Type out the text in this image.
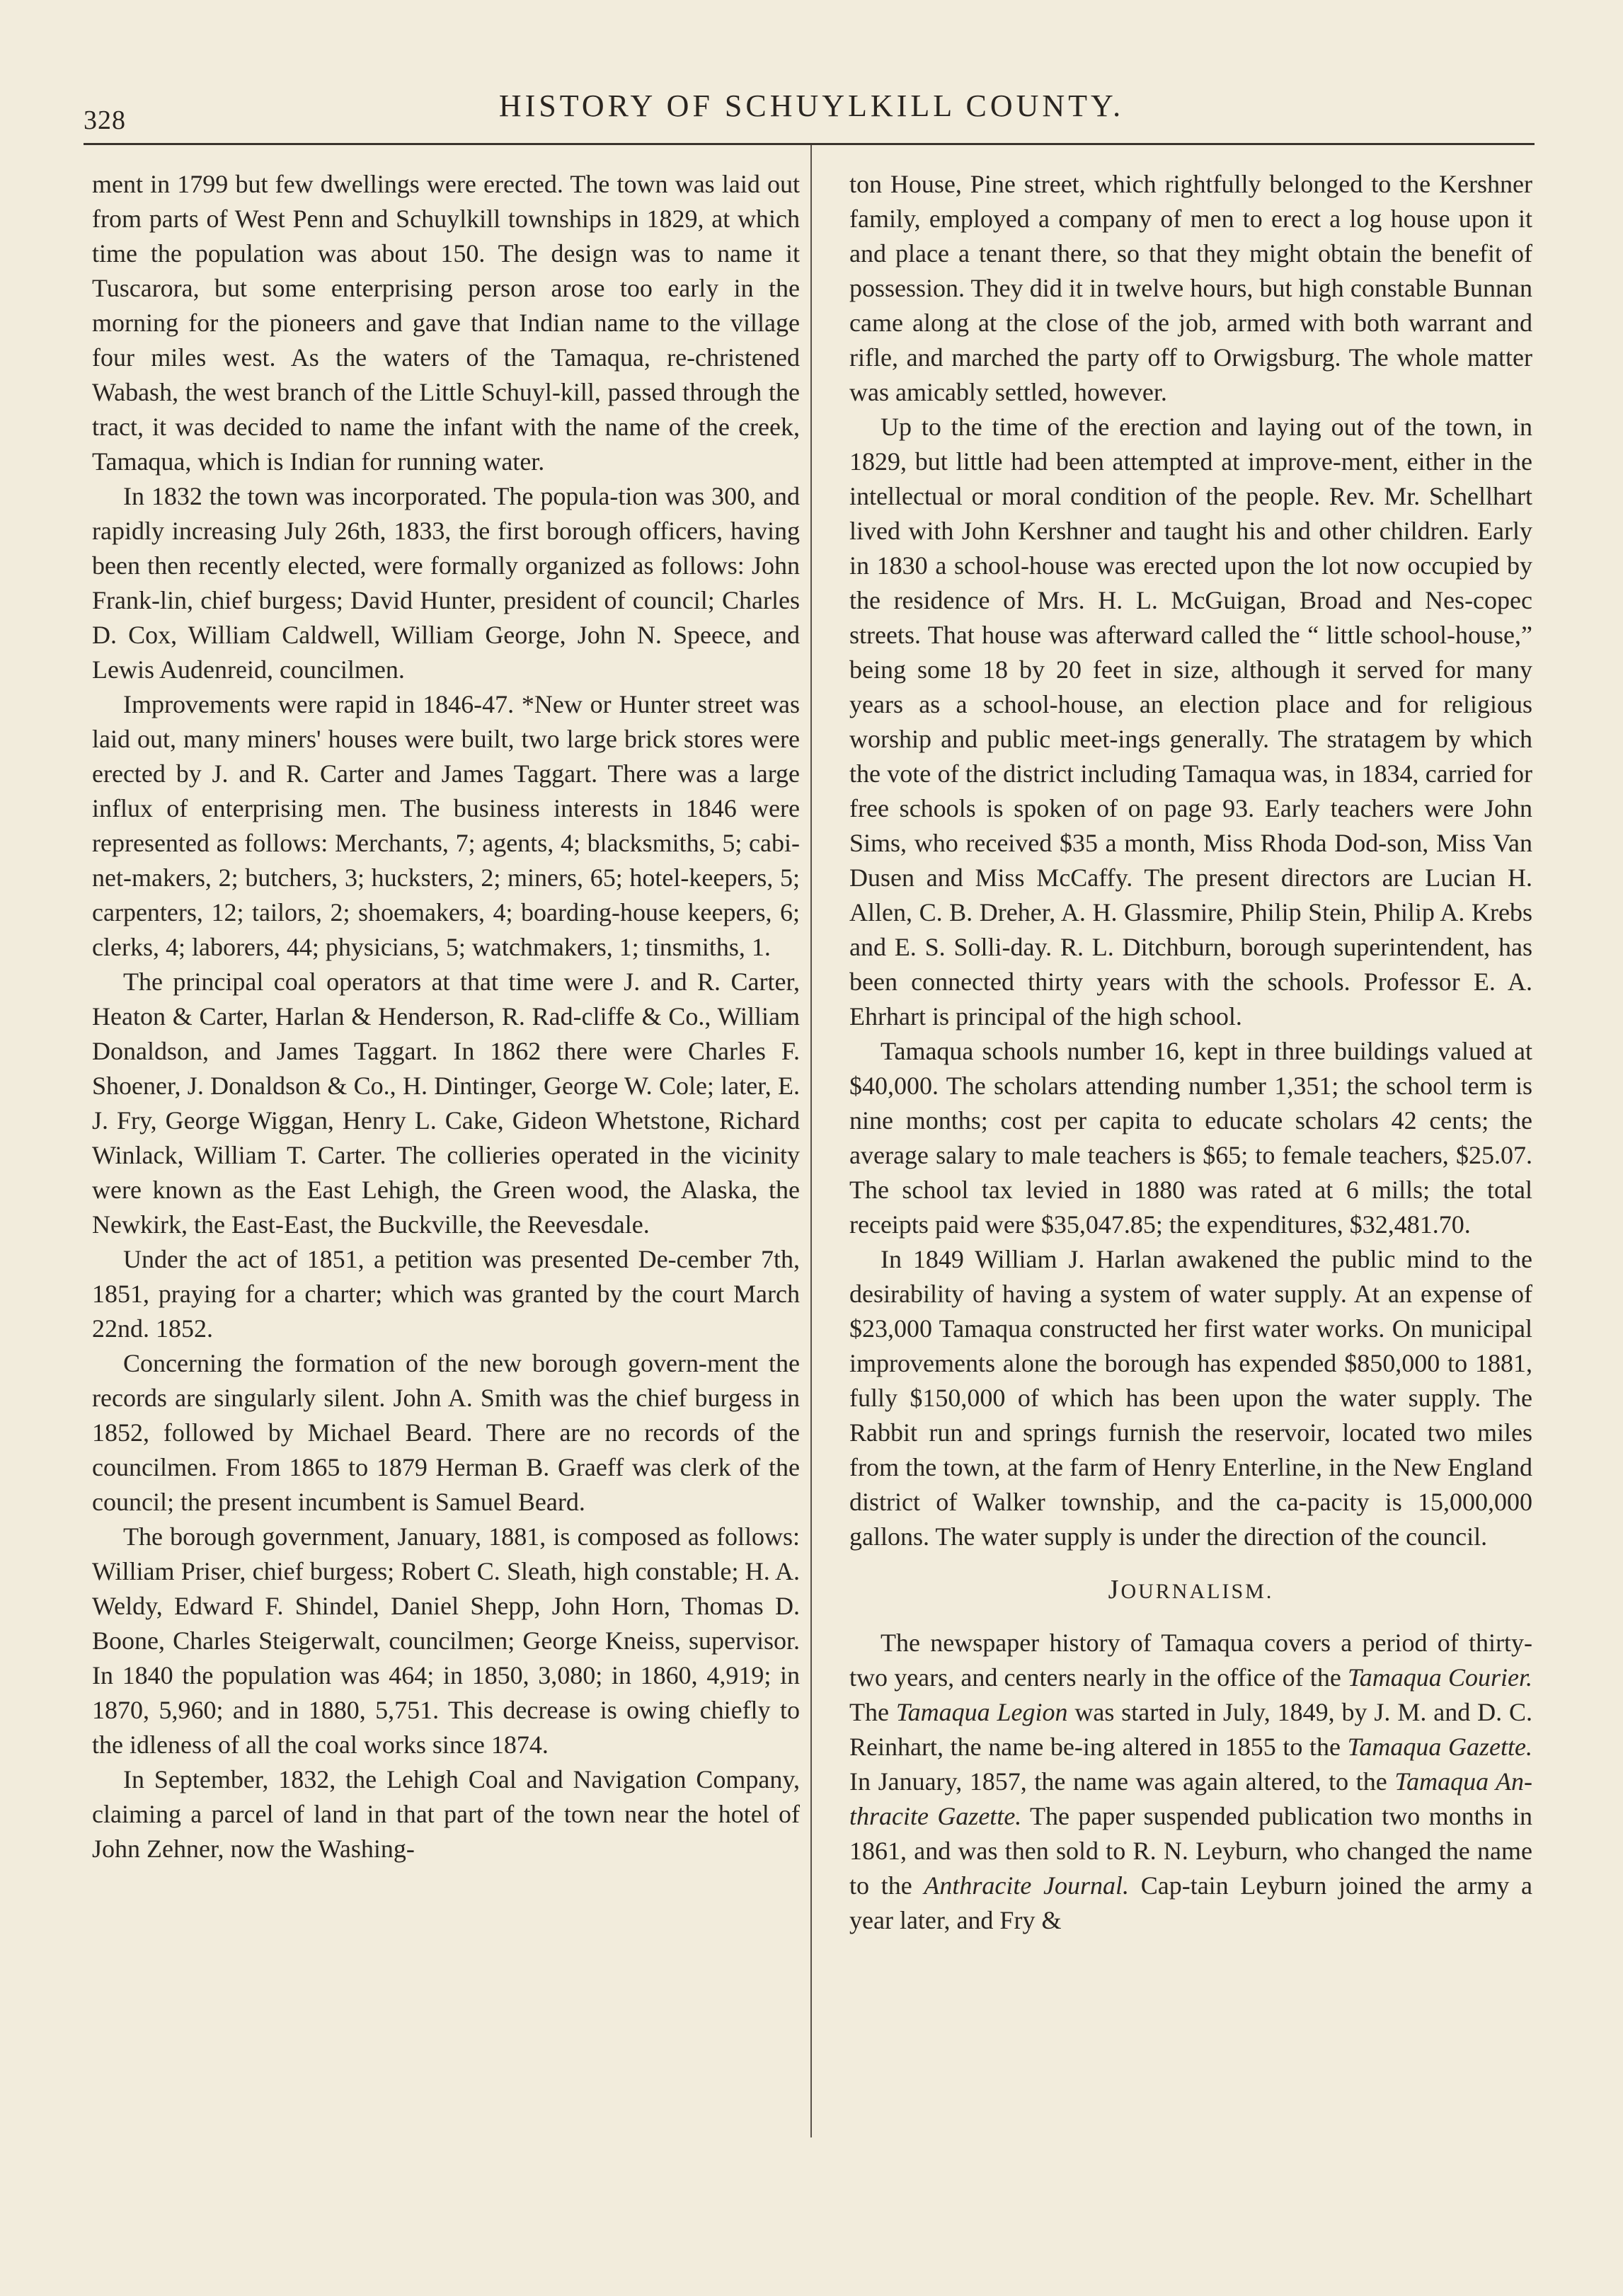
328	HISTORY OF SCHUYLKILL COUNTY.

ment in 1799 but few dwellings were erected. The town was laid out from parts of West Penn and Schuylkill townships in 1829, at which time the population was about 150. The design was to name it Tuscarora, but some enterprising person arose too early in the morning for the pioneers and gave that Indian name to the village four miles west. As the waters of the Tamaqua, re-christened Wabash, the west branch of the Little Schuyl-kill, passed through the tract, it was decided to name the infant with the name of the creek, Tamaqua, which is Indian for running water.

In 1832 the town was incorporated. The popula-tion was 300, and rapidly increasing July 26th, 1833, the first borough officers, having been then recently elected, were formally organized as follows: John Frank-lin, chief burgess; David Hunter, president of council; Charles D. Cox, William Caldwell, William George, John N. Speece, and Lewis Audenreid, councilmen.

Improvements were rapid in 1846-47. *New or Hunter street was laid out, many miners' houses were built, two large brick stores were erected by J. and R. Carter and James Taggart. There was a large influx of enterprising men. The business interests in 1846 were represented as follows: Merchants, 7; agents, 4; blacksmiths, 5; cabi-net-makers, 2; butchers, 3; hucksters, 2; miners, 65; hotel-keepers, 5; carpenters, 12; tailors, 2; shoemakers, 4; boarding-house keepers, 6; clerks, 4; laborers, 44; physicians, 5; watchmakers, 1; tinsmiths, 1.

The principal coal operators at that time were J. and R. Carter, Heaton & Carter, Harlan & Henderson, R. Rad-cliffe & Co., William Donaldson, and James Taggart. In 1862 there were Charles F. Shoener, J. Donaldson & Co., H. Dintinger, George W. Cole; later, E. J. Fry, George Wiggan, Henry L. Cake, Gideon Whetstone, Richard Winlack, William T. Carter. The collieries operated in the vicinity were known as the East Lehigh, the Green wood, the Alaska, the Newkirk, the East-East, the Buckville, the Reevesdale.

Under the act of 1851, a petition was presented De-cember 7th, 1851, praying for a charter; which was granted by the court March 22nd. 1852.

Concerning the formation of the new borough govern-ment the records are singularly silent. John A. Smith was the chief burgess in 1852, followed by Michael Beard. There are no records of the councilmen. From 1865 to 1879 Herman B. Graeff was clerk of the council; the present incumbent is Samuel Beard.

The borough government, January, 1881, is composed as follows: William Priser, chief burgess; Robert C. Sleath, high constable; H. A. Weldy, Edward F. Shindel, Daniel Shepp, John Horn, Thomas D. Boone, Charles Steigerwalt, councilmen; George Kneiss, supervisor. In 1840 the population was 464; in 1850, 3,080; in 1860, 4,919; in 1870, 5,960; and in 1880, 5,751. This decrease is owing chiefly to the idleness of all the coal works since 1874.

In September, 1832, the Lehigh Coal and Navigation Company, claiming a parcel of land in that part of the town near the hotel of John Zehner, now the Washing-

ton House, Pine street, which rightfully belonged to the Kershner family, employed a company of men to erect a log house upon it and place a tenant there, so that they might obtain the benefit of possession. They did it in twelve hours, but high constable Bunnan came along at the close of the job, armed with both warrant and rifle, and marched the party off to Orwigsburg. The whole matter was amicably settled, however.

Up to the time of the erection and laying out of the town, in 1829, but little had been attempted at improve-ment, either in the intellectual or moral condition of the people. Rev. Mr. Schellhart lived with John Kershner and taught his and other children. Early in 1830 a school-house was erected upon the lot now occupied by the residence of Mrs. H. L. McGuigan, Broad and Nes-copec streets. That house was afterward called the “ little school-house,” being some 18 by 20 feet in size, although it served for many years as a school-house, an election place and for religious worship and public meet-ings generally. The stratagem by which the vote of the district including Tamaqua was, in 1834, carried for free schools is spoken of on page 93. Early teachers were John Sims, who received $35 a month, Miss Rhoda Dod-son, Miss Van Dusen and Miss McCaffy. The present directors are Lucian H. Allen, C. B. Dreher, A. H. Glassmire, Philip Stein, Philip A. Krebs and E. S. Solli-day. R. L. Ditchburn, borough superintendent, has been connected thirty years with the schools. Professor E. A. Ehrhart is principal of the high school.

Tamaqua schools number 16, kept in three buildings valued at $40,000. The scholars attending number 1,351; the school term is nine months; cost per capita to educate scholars 42 cents; the average salary to male teachers is $65; to female teachers, $25.07. The school tax levied in 1880 was rated at 6 mills; the total receipts paid were $35,047.85; the expenditures, $32,481.70.

In 1849 William J. Harlan awakened the public mind to the desirability of having a system of water supply. At an expense of $23,000 Tamaqua constructed her first water works. On municipal improvements alone the borough has expended $850,000 to 1881, fully $150,000 of which has been upon the water supply. The Rabbit run and springs furnish the reservoir, located two miles from the town, at the farm of Henry Enterline, in the New England district of Walker township, and the ca-pacity is 15,000,000 gallons. The water supply is under the direction of the council.

JOURNALISM.

The newspaper history of Tamaqua covers a period of thirty-two years, and centers nearly in the office of the Tamaqua Courier. The Tamaqua Legion was started in July, 1849, by J. M. and D. C. Reinhart, the name be-ing altered in 1855 to the Tamaqua Gazette. In January, 1857, the name was again altered, to the Tamaqua An-thracite Gazette. The paper suspended publication two months in 1861, and was then sold to R. N. Leyburn, who changed the name to the Anthracite Journal. Cap-tain Leyburn joined the army a year later, and Fry &
